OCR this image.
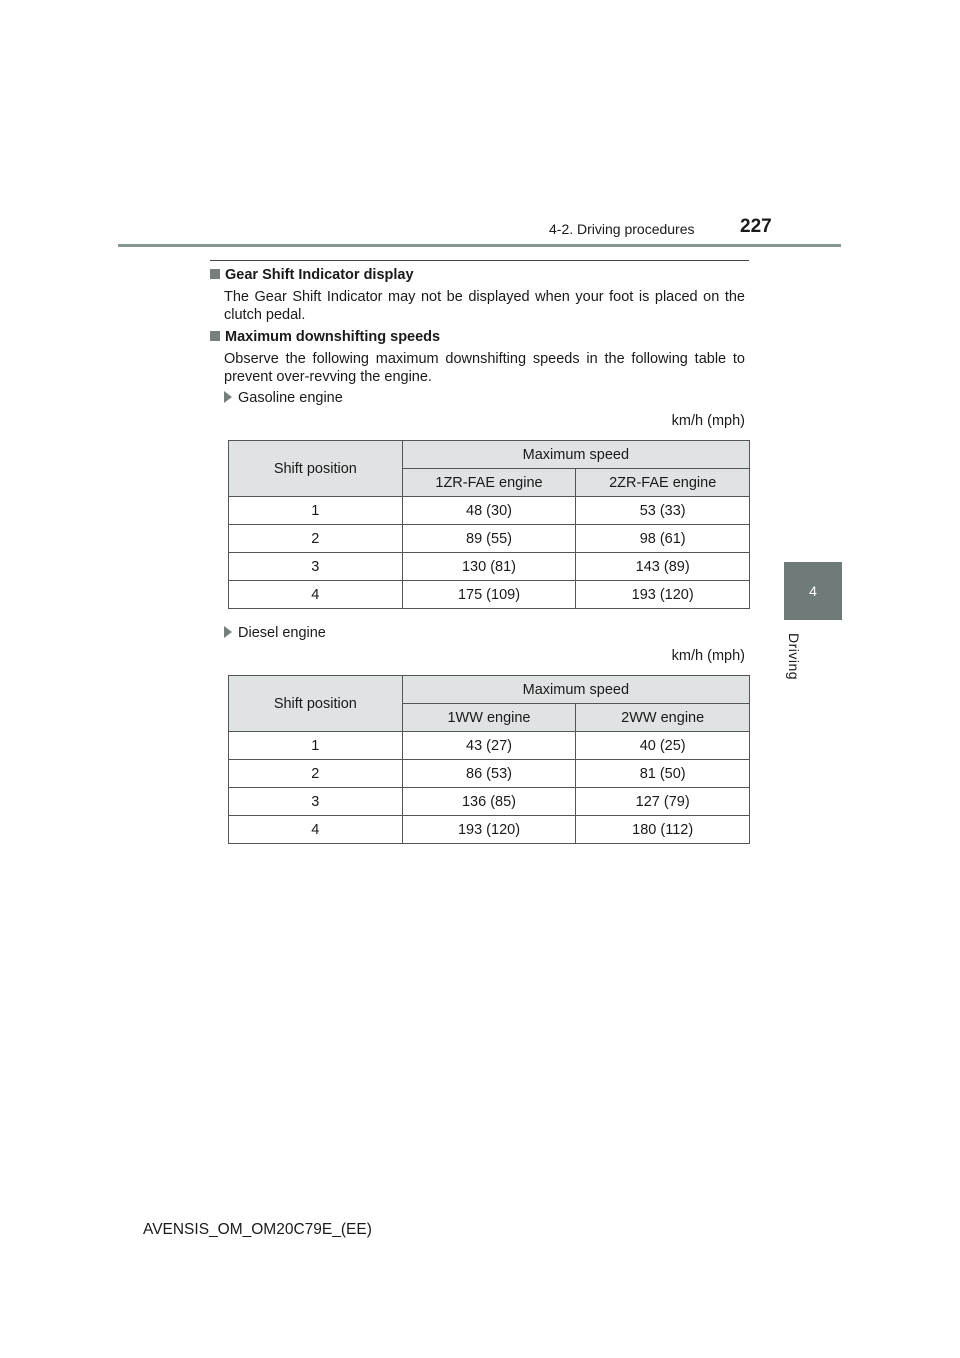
4-2. Driving procedures 227
4
Driving
Gear Shift Indicator display
The Gear Shift Indicator may not be displayed when your foot is placed on the clutch pedal.
Maximum downshifting speeds
Observe the following maximum downshifting speeds in the following table to prevent over-revving the engine.
Gasoline engine
km/h (mph)
Shift position	Maximum speed	
	1ZR-FAE engine	2ZR-FAE engine
1	48 (30)	53 (33)
2	89 (55)	98 (61)
3	130 (81)	143 (89)
4	175 (109)	193 (120)
Diesel engine
km/h (mph)
Shift position	Maximum speed	
	1WW engine	2WW engine
1	43 (27)	40 (25)
2	86 (53)	81 (50)
3	136 (85)	127 (79)
4	193 (120)	180 (112)
AVENSIS_OM_OM20C79E_(EE)
